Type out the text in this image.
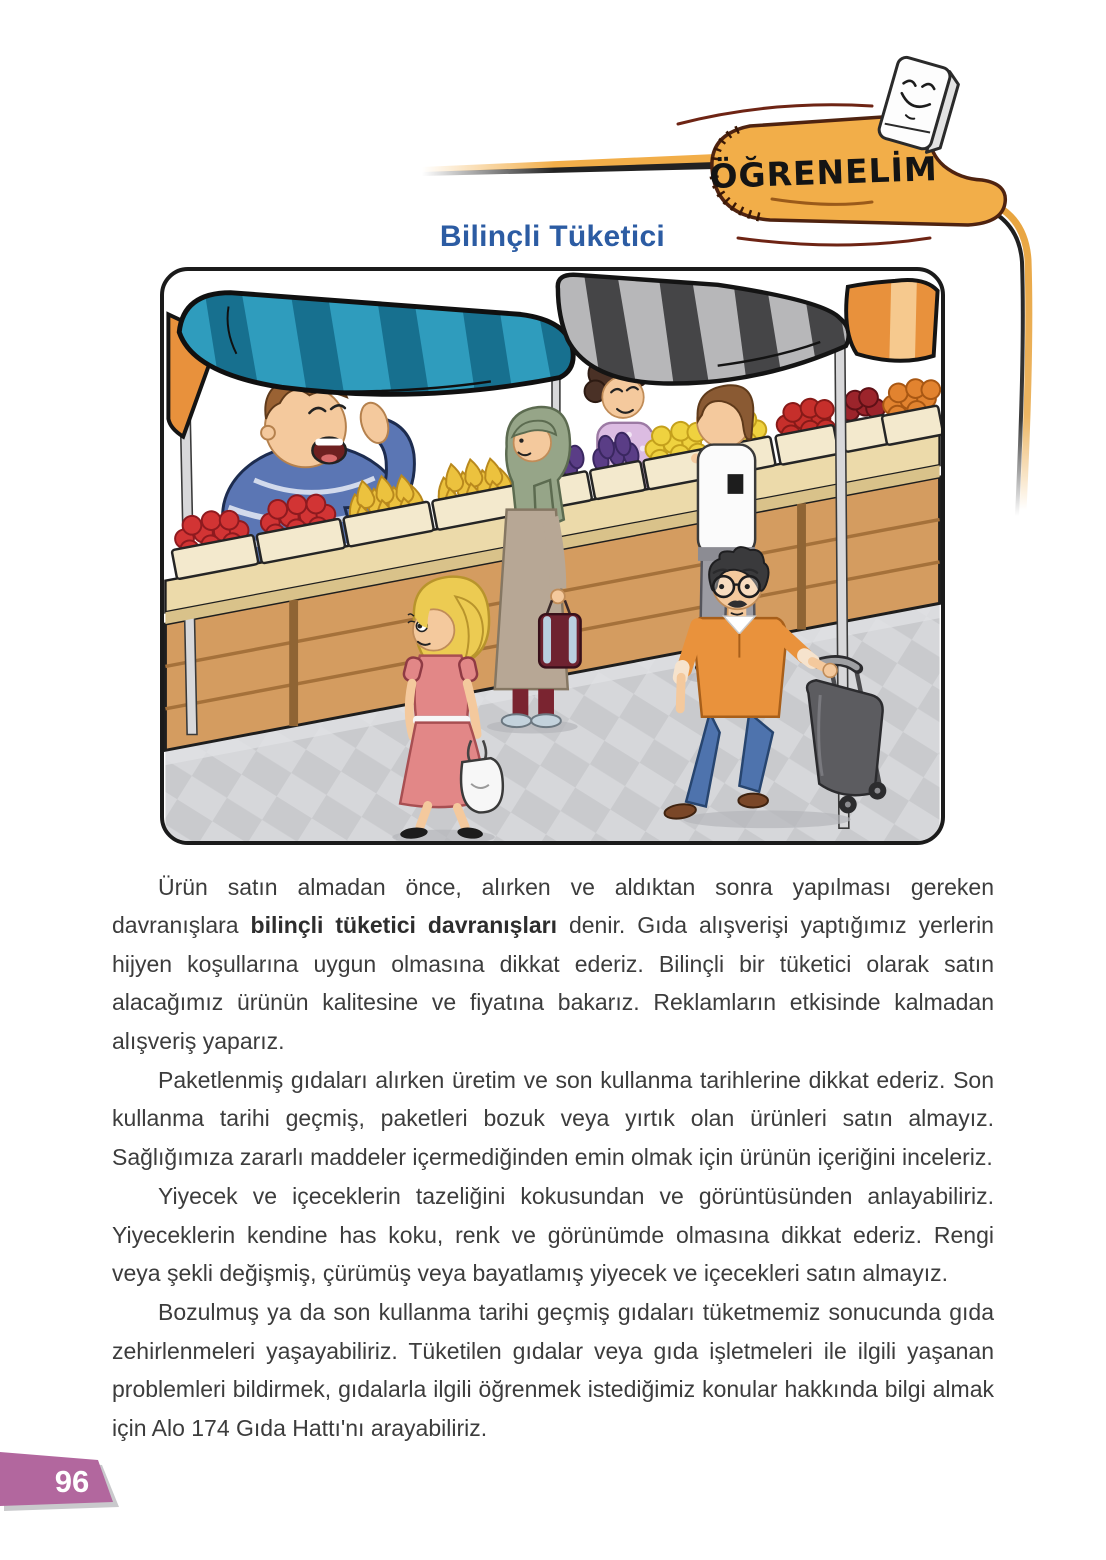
ÖĞRENELİM
Bilinçli Tüketici

Ürün satın almadan önce, alırken ve aldıktan sonra yapılması gereken davranışlara bilinçli tüketici davranışları denir. Gıda alışverişi yaptığımız yerlerin hijyen koşullarına uygun olmasına dikkat ederiz. Bilinçli bir tüketici olarak satın alacağımız ürünün kalitesine ve fiyatına bakarız. Reklamların etkisinde kalmadan alışveriş yaparız.

Paketlenmiş gıdaları alırken üretim ve son kullanma tarihlerine dikkat ederiz. Son kullanma tarihi geçmiş, paketleri bozuk veya yırtık olan ürünleri satın almayız. Sağlığımıza zararlı maddeler içermediğinden emin olmak için ürünün içeriğini inceleriz.

Yiyecek ve içeceklerin tazeliğini kokusundan ve görüntüsünden anlayabiliriz. Yiyeceklerin kendine has koku, renk ve görünümde olmasına dikkat ederiz. Rengi veya şekli değişmiş, çürümüş veya bayatlamış yiyecek ve içecekleri satın almayız.

Bozulmuş ya da son kullanma tarihi geçmiş gıdaları tüketmemiz sonucunda gıda zehirlenmeleri yaşayabiliriz. Tüketilen gıdalar veya gıda işletmeleri ile ilgili yaşanan problemleri bildirmek, gıdalarla ilgili öğrenmek istediğimiz konular hakkında bilgi almak için Alo 174 Gıda Hattı'nı arayabiliriz.

96
